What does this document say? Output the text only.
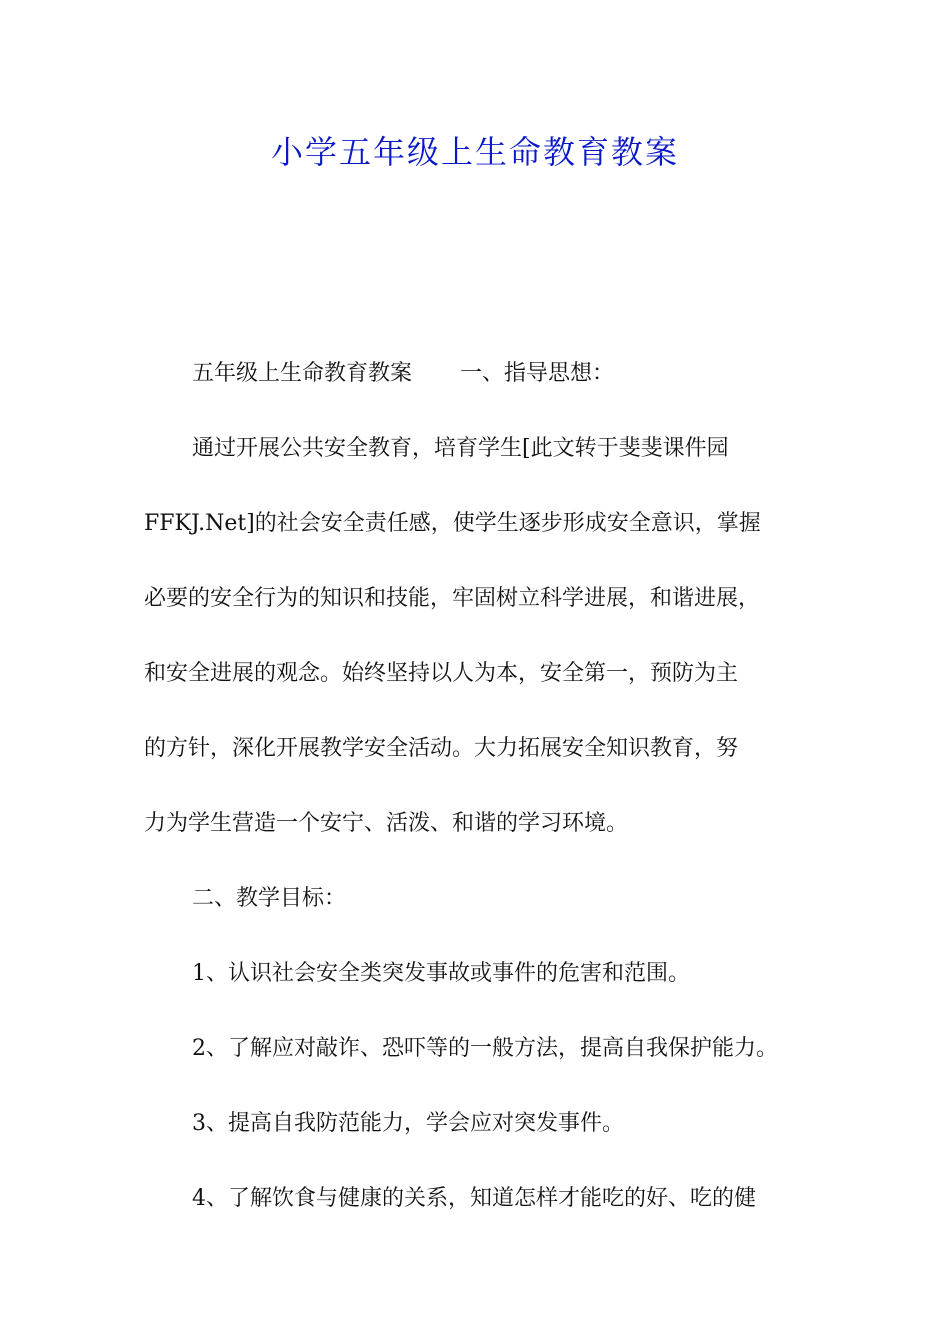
小学五年级上生命教育教案

五年级上生命教育教案 一、指导思想：

通过开展公共安全教育，培育学生[此文转于斐斐课件园
FFKJ.Net]的社会安全责任感，使学生逐步形成安全意识，掌握
必要的安全行为的知识和技能，牢固树立科学进展，和谐进展，
和安全进展的观念。始终坚持以人为本，安全第一，预防为主
的方针，深化开展教学安全活动。大力拓展安全知识教育，努
力为学生营造一个安宁、活泼、和谐的学习环境。

二、教学目标：

1、认识社会安全类突发事故或事件的危害和范围。

2、了解应对敲诈、恐吓等的一般方法，提高自我保护能力。

3、提高自我防范能力，学会应对突发事件。

4、了解饮食与健康的关系，知道怎样才能吃的好、吃的健
